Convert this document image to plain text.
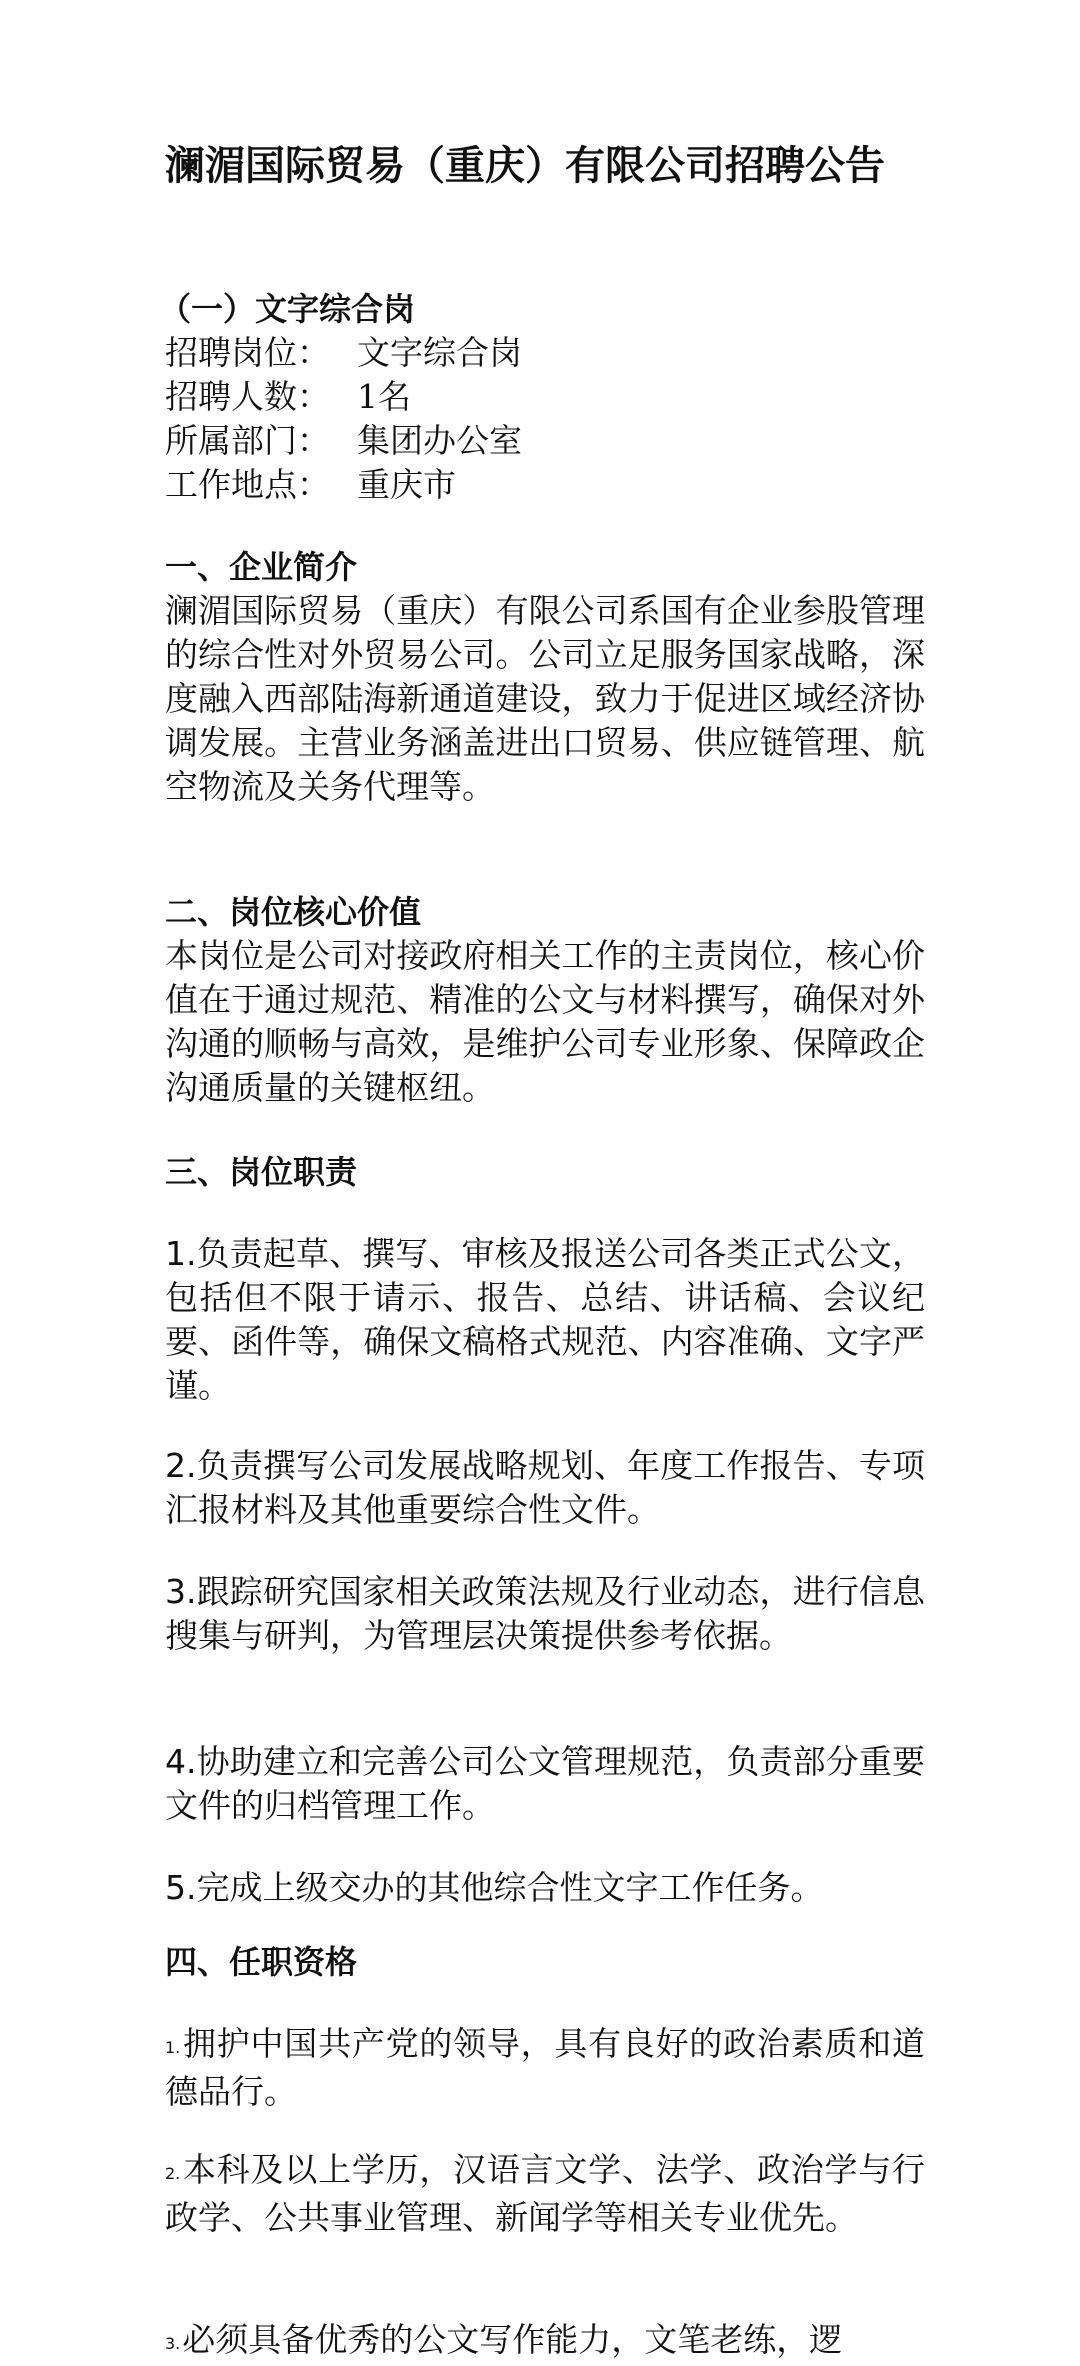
澜湄国际贸易（重庆）有限公司招聘公告
（一）文字综合岗
招聘岗位： 文字综合岗
招聘人数： 1名
所属部门： 集团办公室
工作地点： 重庆市
一、企业简介

澜湄国际贸易（重庆）有限公司系国有企业参股管理的综合性对外贸易公司。公司立足服务国家战略，深度融入西部陆海新通道建设，致力于促进区域经济协调发展。主营业务涵盖进出口贸易、供应链管理、航空物流及关务代理等。

二、岗位核心价值

本岗位是公司对接政府相关工作的主责岗位，核心价值在于通过规范、精准的公文与材料撰写，确保对外沟通的顺畅与高效，是维护公司专业形象、保障政企沟通质量的关键枢纽。

三、岗位职责

1.负责起草、撰写、审核及报送公司各类正式公文，包括但不限于请示、报告、总结、讲话稿、会议纪要、函件等，确保文稿格式规范、内容准确、文字严谨。

2.负责撰写公司发展战略规划、年度工作报告、专项汇报材料及其他重要综合性文件。

3.跟踪研究国家相关政策法规及行业动态，进行信息搜集与研判，为管理层决策提供参考依据。

4.协助建立和完善公司公文管理规范，负责部分重要文件的归档管理工作。

5.完成上级交办的其他综合性文字工作任务。

四、任职资格

1.拥护中国共产党的领导，具有良好的政治素质和道德品行。

2.本科及以上学历，汉语言文学、法学、政治学与行政学、公共事业管理、新闻学等相关专业优先。

3.必须具备优秀的公文写作能力，文笔老练，逻
